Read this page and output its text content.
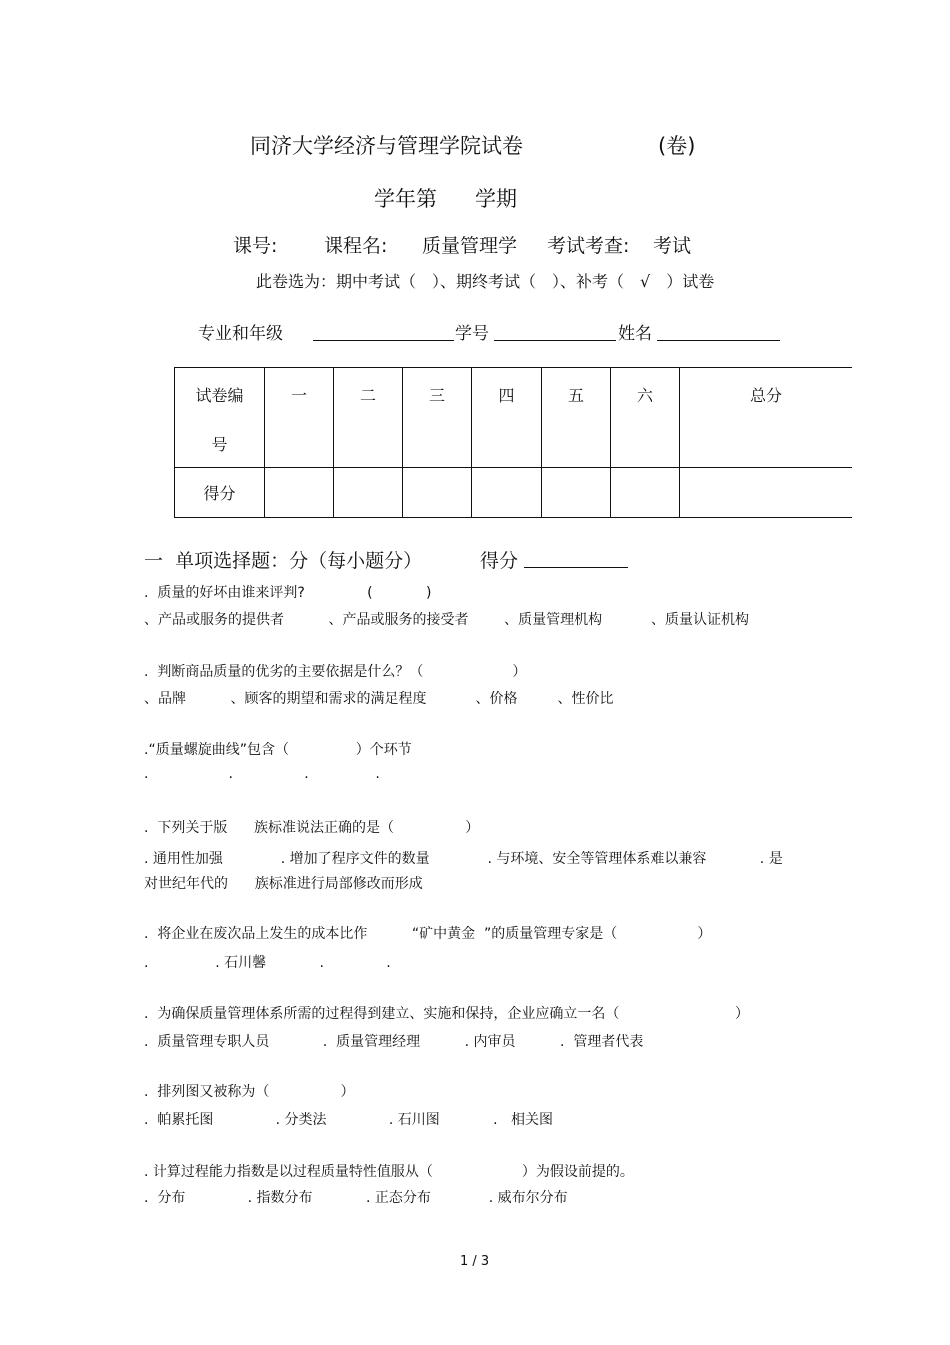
同济大学经济与管理学院试卷	(卷)
学年第 学期
课号: 课程名: 质量管理学 考试考查: 考试
此卷选为：期中考试（　）、期终考试（　）、补考（　√　）试卷
专业和年级	学号	姓名
试卷编
号	一	二	三	四	五	六	总分

得分							
一  单项选择题：分（每小题分）	得分
.  质量的好坏由谁来评判?              (            )
、产品或服务的提供者          、产品或服务的接受者        、质量管理机构           、质量认证机构
.  判断商品质量的优劣的主要依据是什么？（                    ）
、品牌          、顾客的期望和需求的满足程度           、价格         、性价比
.“质量螺旋曲线”包含（               ）个环节
.                  .                .               .
.  下列关于版      族标准说法正确的是（                ）
. 通用性加强             . 增加了程序文件的数量             . 与环境、安全等管理体系难以兼容            . 是
对世纪年代的      族标准进行局部修改而形成
.  将企业在废次品上发生的成本比作          “矿中黄金  ”的质量管理专家是（                  ）
.               . 石川馨            .              .
.  为确保质量管理体系所需的过程得到建立、实施和保持，企业应确立一名（                          ）
.  质量管理专职人员            .  质量管理经理          . 内审员          .  管理者代表
.  排列图又被称为（                ）
.  帕累托图              . 分类法              . 石川图            .   相关图
. 计算过程能力指数是以过程质量特性值服从（                    ）为假设前提的。
.  分布              . 指数分布            . 正态分布             . 威布尔分布
1 / 3
